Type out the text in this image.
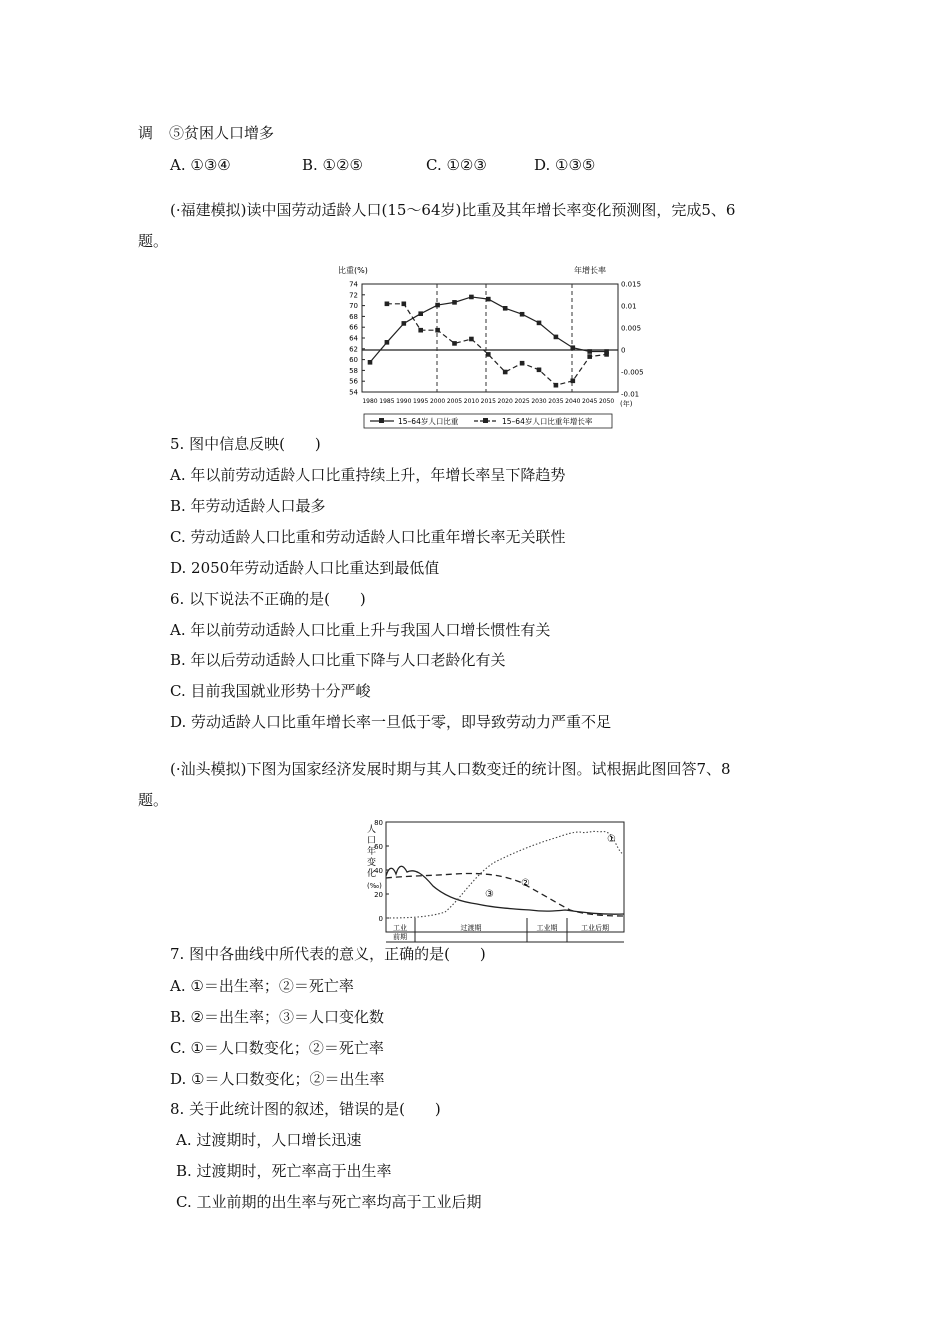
调 ⑤贫困人口增多
A. ①③④	B. ①②⑤	C. ①②③	D. ①③⑤
(·福建模拟)读中国劳动适龄人口(15～64岁)比重及其年增长率变化预测图，完成5、6
题。
比重(%)	年增长率
74
72
70
68
66
64
62
60
58
56
54
0.015
0.01
0.005
0
-0.005
-0.01
1980 1985 1990 1995 2000 2005 2010 2015 2020 2025 2030 2035 2040 2045 2050 (年)
15–64岁人口比重	15–64岁人口比重年增长率
5. 图中信息反映(　　)
A. 年以前劳动适龄人口比重持续上升，年增长率呈下降趋势
B. 年劳动适龄人口最多
C. 劳动适龄人口比重和劳动适龄人口比重年增长率无关联性
D. 2050年劳动适龄人口比重达到最低值
6. 以下说法不正确的是(　　)
A. 年以前劳动适龄人口比重上升与我国人口增长惯性有关
B. 年以后劳动适龄人口比重下降与人口老龄化有关
C. 目前我国就业形势十分严峻
D. 劳动适龄人口比重年增长率一旦低于零，即导致劳动力严重不足
(·汕头模拟)下图为国家经济发展时期与其人口数变迁的统计图。试根据此图回答7、8
题。
人
口
年
变
化
(‰)
80
60
40
20
0
①
②
③
工业
前期
过渡期	工业期	工业后期
7. 图中各曲线中所代表的意义，正确的是(　　)
A. ①＝出生率；②＝死亡率
B. ②＝出生率；③＝人口变化数
C. ①＝人口数变化；②＝死亡率
D. ①＝人口数变化；②＝出生率
8. 关于此统计图的叙述，错误的是(　　)
A. 过渡期时，人口增长迅速
B. 过渡期时，死亡率高于出生率
C. 工业前期的出生率与死亡率均高于工业后期
